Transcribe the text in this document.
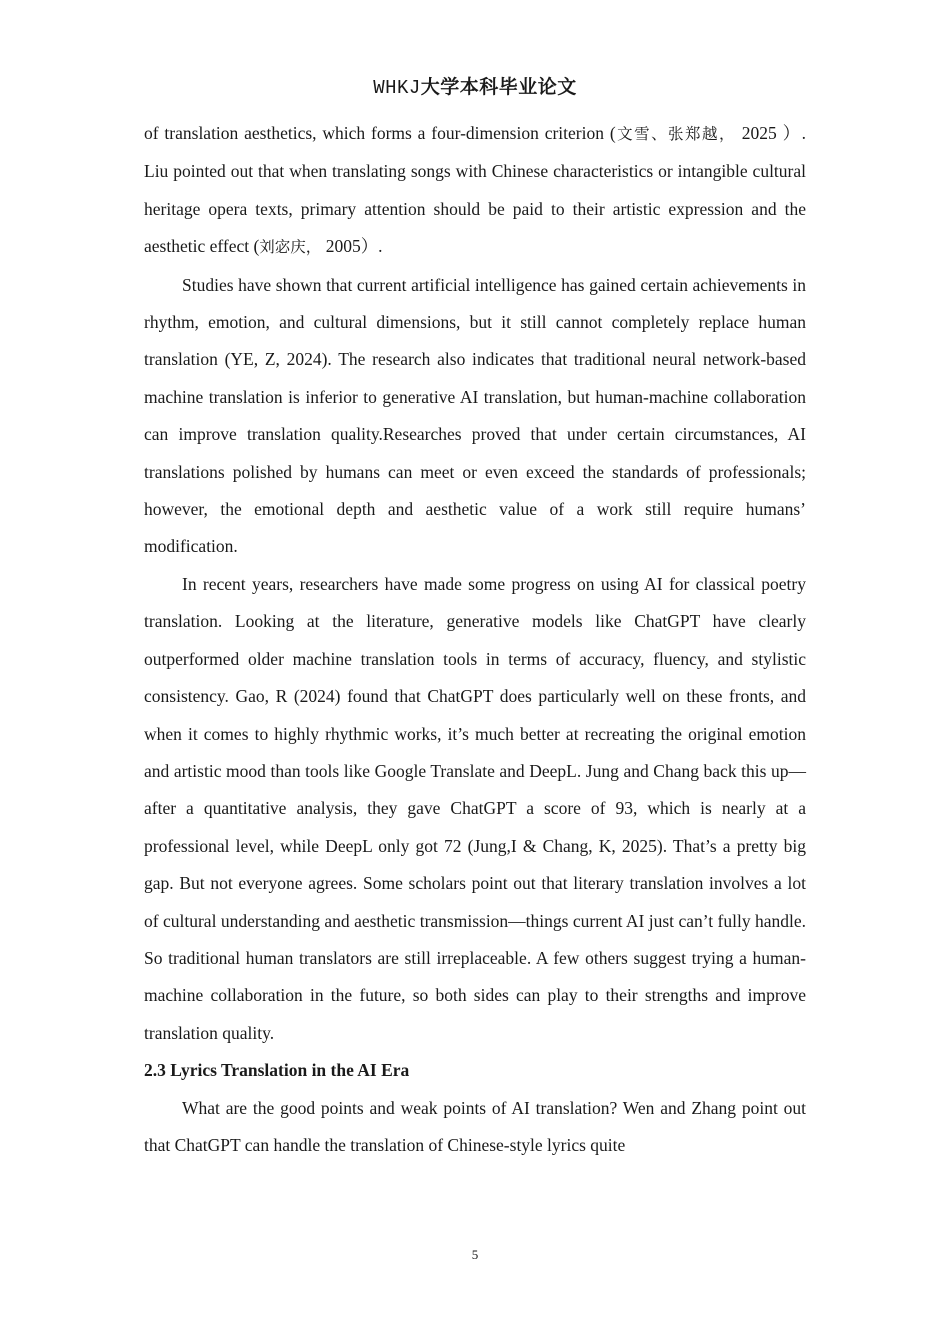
WHKJ大学本科毕业论文

of translation aesthetics, which forms a four-dimension criterion (文雪、张郑越， 2025 ）. Liu pointed out that when translating songs with Chinese characteristics or intangible cultural heritage opera texts, primary attention should be paid to their artistic expression and the aesthetic effect (刘宓庆， 2005）.

Studies have shown that current artificial intelligence has gained certain achievements in rhythm, emotion, and cultural dimensions, but it still cannot completely replace human translation (YE, Z, 2024). The research also indicates that traditional neural network-based machine translation is inferior to generative AI translation, but human-machine collaboration can improve translation quality.Researches proved that under certain circumstances, AI translations polished by humans can meet or even exceed the standards of professionals; however, the emotional depth and aesthetic value of a work still require humans’ modification.

In recent years, researchers have made some progress on using AI for classical poetry translation. Looking at the literature, generative models like ChatGPT have clearly outperformed older machine translation tools in terms of accuracy, fluency, and stylistic consistency. Gao, R (2024) found that ChatGPT does particularly well on these fronts, and when it comes to highly rhythmic works, it’s much better at recreating the original emotion and artistic mood than tools like Google Translate and DeepL. Jung and Chang back this up—after a quantitative analysis, they gave ChatGPT a score of 93, which is nearly at a professional level, while DeepL only got 72 (Jung,I & Chang, K, 2025). That’s a pretty big gap. But not everyone agrees. Some scholars point out that literary translation involves a lot of cultural understanding and aesthetic transmission—things current AI just can’t fully handle. So traditional human translators are still irreplaceable. A few others suggest trying a human-machine collaboration in the future, so both sides can play to their strengths and improve translation quality.

2.3 Lyrics Translation in the AI Era

What are the good points and weak points of AI translation? Wen and Zhang point out that ChatGPT can handle the translation of Chinese-style lyrics quite

5
